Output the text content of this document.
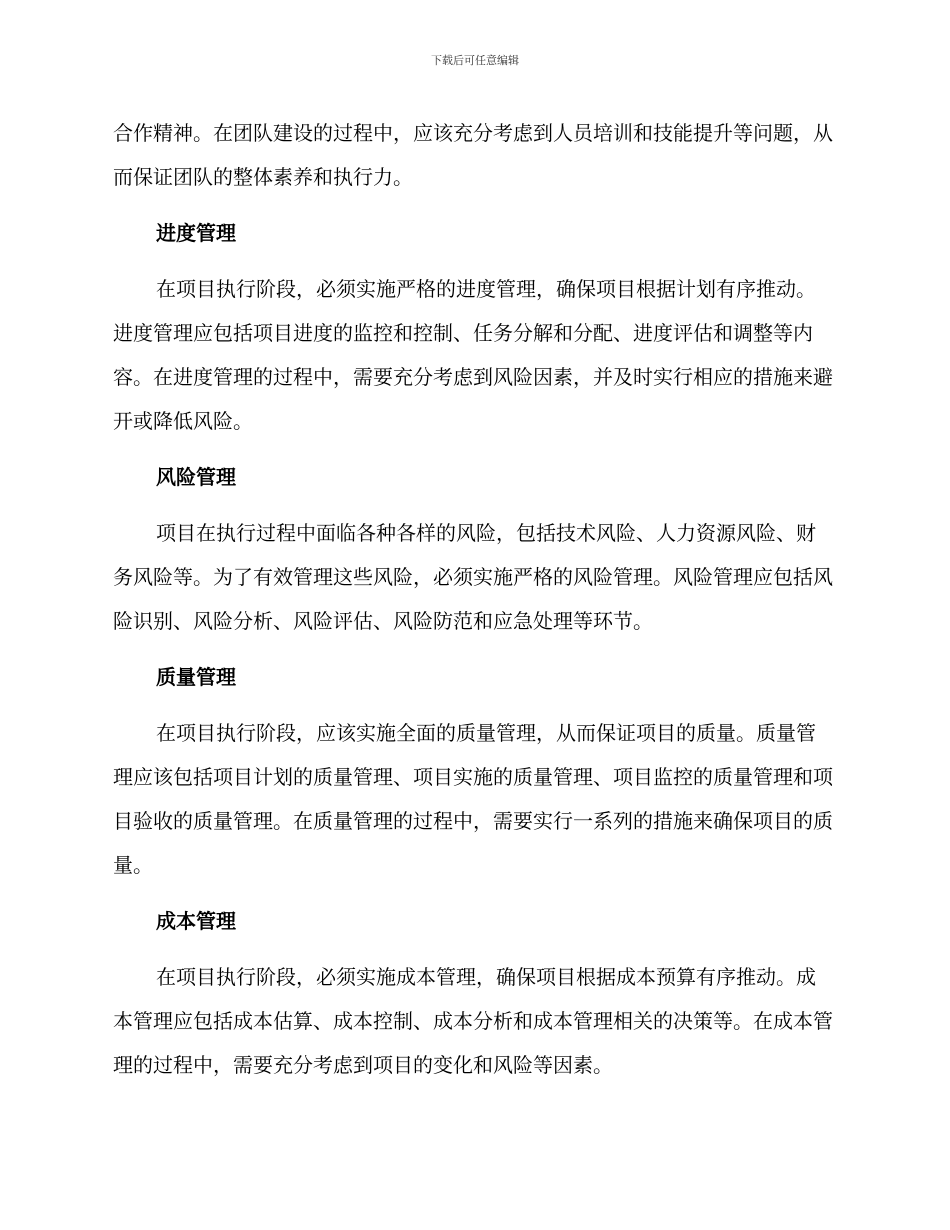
下载后可任意编辑

合作精神。在团队建设的过程中，应该充分考虑到人员培训和技能提升等问题，从而保证团队的整体素养和执行力。

进度管理

在项目执行阶段，必须实施严格的进度管理，确保项目根据计划有序推动。进度管理应包括项目进度的监控和控制、任务分解和分配、进度评估和调整等内容。在进度管理的过程中，需要充分考虑到风险因素，并及时实行相应的措施来避开或降低风险。

风险管理

项目在执行过程中面临各种各样的风险，包括技术风险、人力资源风险、财务风险等。为了有效管理这些风险，必须实施严格的风险管理。风险管理应包括风险识别、风险分析、风险评估、风险防范和应急处理等环节。

质量管理

在项目执行阶段，应该实施全面的质量管理，从而保证项目的质量。质量管理应该包括项目计划的质量管理、项目实施的质量管理、项目监控的质量管理和项目验收的质量管理。在质量管理的过程中，需要实行一系列的措施来确保项目的质量。

成本管理

在项目执行阶段，必须实施成本管理，确保项目根据成本预算有序推动。成本管理应包括成本估算、成本控制、成本分析和成本管理相关的决策等。在成本管理的过程中，需要充分考虑到项目的变化和风险等因素。
